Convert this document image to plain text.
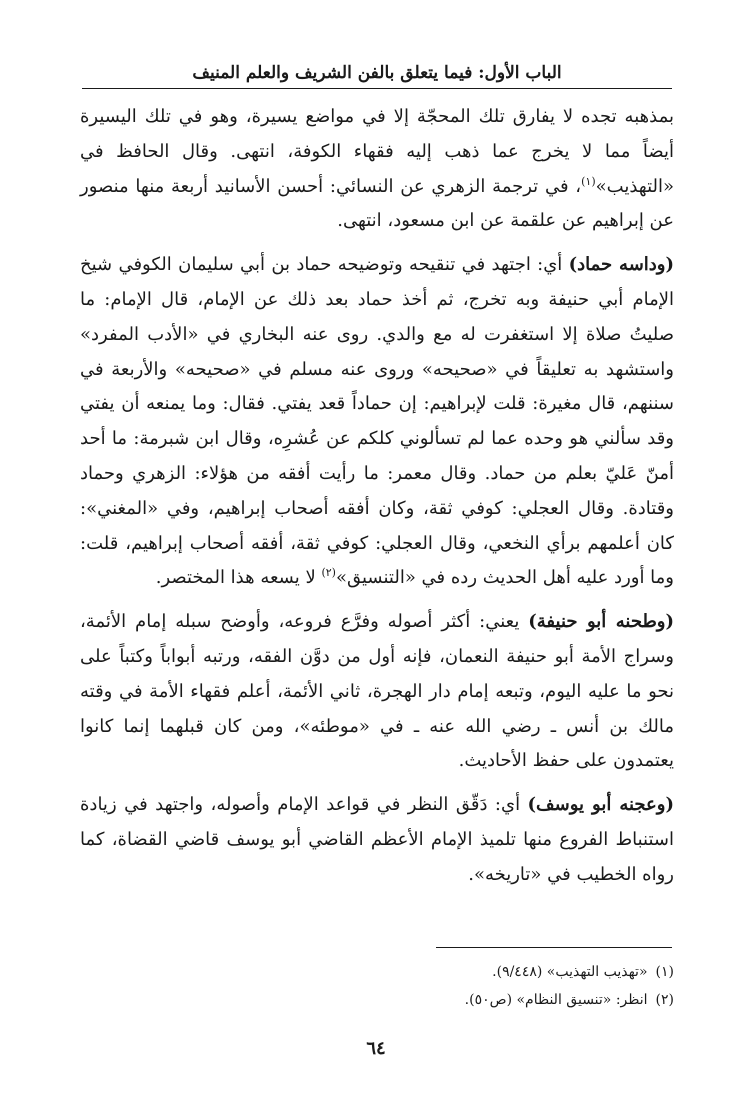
الباب الأول: فيما يتعلق بالفن الشريف والعلم المنيف

بمذهبه تجده لا يفارق تلك المحجّة إلا في مواضع يسيرة، وهو في تلك اليسيرة أيضاً مما لا يخرج عما ذهب إليه فقهاء الكوفة، انتهى. وقال الحافظ في «التهذيب»$^{(١)}$، في ترجمة الزهري عن النسائي: أحسن الأسانيد أربعة منها منصور عن إبراهيم عن علقمة عن ابن مسعود، انتهى.

(وداسه حماد) أي: اجتهد في تنقيحه وتوضيحه حماد بن أبي سليمان الكوفي شيخ الإمام أبي حنيفة وبه تخرج، ثم أخذ حماد بعد ذلك عن الإمام، قال الإمام: ما صليتُ صلاة إلا استغفرت له مع والدي. روى عنه البخاري في «الأدب المفرد» واستشهد به تعليقاً في «صحيحه» وروى عنه مسلم في «صحيحه» والأربعة في سننهم، قال مغيرة: قلت لإبراهيم: إن حماداً قعد يفتي. فقال: وما يمنعه أن يفتي وقد سألني هو وحده عما لم تسألوني كلكم عن عُشرِه، وقال ابن شبرمة: ما أحد أمنّ عَليّ بعلم من حماد. وقال معمر: ما رأيت أفقه من هؤلاء: الزهري وحماد وقتادة. وقال العجلي: كوفي ثقة، وكان أفقه أصحاب إبراهيم، وفي «المغني»: كان أعلمهم برأي النخعي، وقال العجلي: كوفي ثقة، أفقه أصحاب إبراهيم، قلت: وما أورد عليه أهل الحديث رده في «التنسيق»$^{(٢)}$ لا يسعه هذا المختصر.

(وطحنه أبو حنيفة) يعني: أكثر أصوله وفرَّع فروعه، وأوضح سبله إمام الأئمة، وسراج الأمة أبو حنيفة النعمان، فإنه أول من دوَّن الفقه، ورتبه أبواباً وكتباً على نحو ما عليه اليوم، وتبعه إمام دار الهجرة، ثاني الأئمة، أعلم فقهاء الأمة في وقته مالك بن أنس ـ رضي الله عنه ـ في «موطئه»، ومن كان قبلهما إنما كانوا يعتمدون على حفظ الأحاديث.

(وعجنه أبو يوسف) أي: دَقّق النظر في قواعد الإمام وأصوله، واجتهد في زيادة استنباط الفروع منها تلميذ الإمام الأعظم القاضي أبو يوسف قاضي القضاة، كما رواه الخطيب في «تاريخه».

(١)«تهذيب التهذيب» (٩/٤٤٨).
(٢)انظر: «تنسيق النظام» (ص٥٠).
٦٤
